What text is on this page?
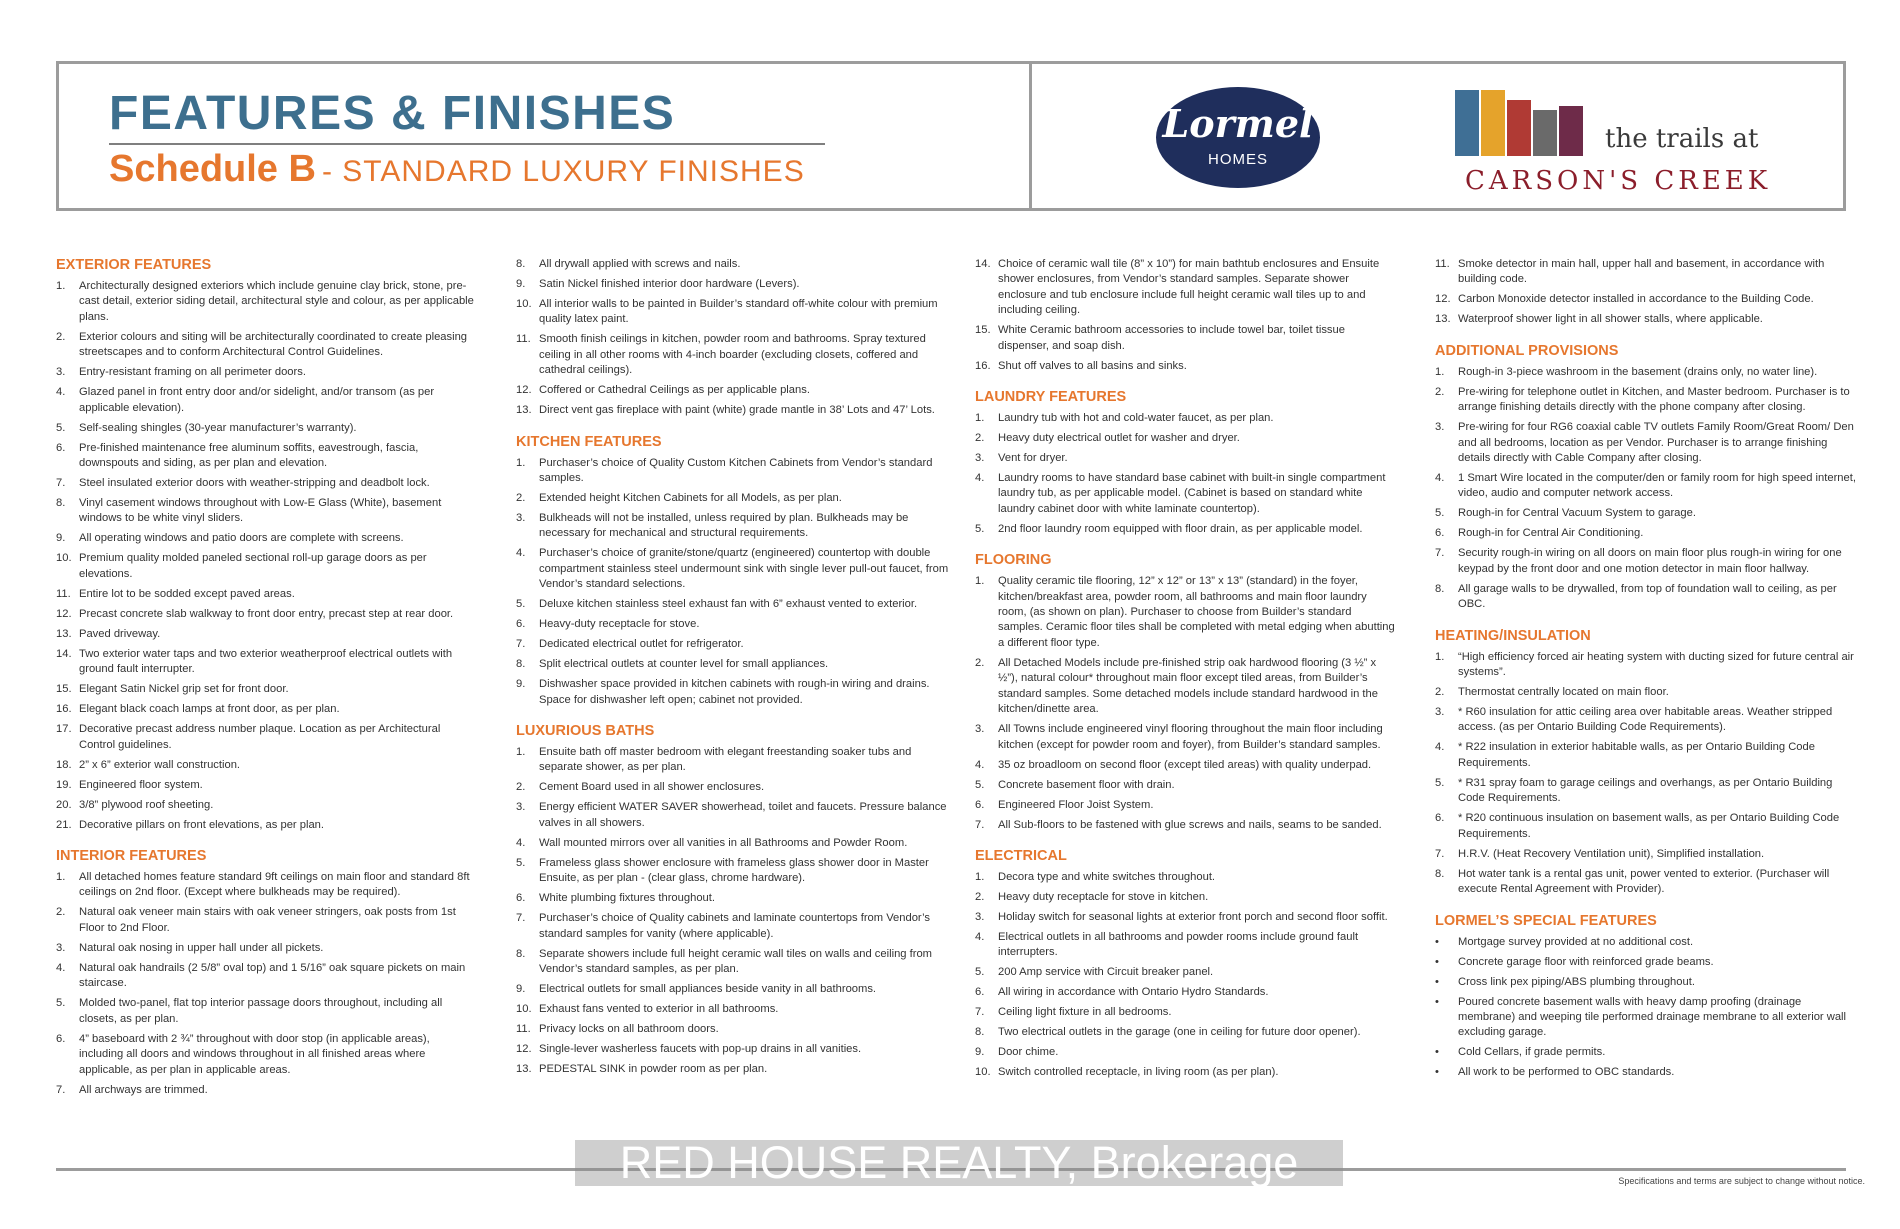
FEATURES & FINISHES
Schedule B - STANDARD LUXURY FINISHES
Lormel
HOMES
the trails at
CARSON'S CREEK
EXTERIOR FEATURES
1. Architecturally designed exteriors which include genuine clay brick, stone, pre-cast detail, exterior siding detail, architectural style and colour, as per applicable plans.
2. Exterior colours and siting will be architecturally coordinated to create pleasing streetscapes and to conform Architectural Control Guidelines.
3. Entry-resistant framing on all perimeter doors.
4. Glazed panel in front entry door and/or sidelight, and/or transom (as per applicable elevation).
5. Self-sealing shingles (30-year manufacturer’s warranty).
6. Pre-finished maintenance free aluminum soffits, eavestrough, fascia, downspouts and siding, as per plan and elevation.
7. Steel insulated exterior doors with weather-stripping and deadbolt lock.
8. Vinyl casement windows throughout with Low-E Glass (White), basement windows to be white vinyl sliders.
9. All operating windows and patio doors are complete with screens.
10. Premium quality molded paneled sectional roll-up garage doors as per elevations.
11. Entire lot to be sodded except paved areas.
12. Precast concrete slab walkway to front door entry, precast step at rear door.
13. Paved driveway.
14. Two exterior water taps and two exterior weatherproof electrical outlets with ground fault interrupter.
15. Elegant Satin Nickel grip set for front door.
16. Elegant black coach lamps at front door, as per plan.
17. Decorative precast address number plaque. Location as per Architectural Control guidelines.
18. 2” x 6” exterior wall construction.
19. Engineered floor system.
20. 3/8” plywood roof sheeting.
21. Decorative pillars on front elevations, as per plan.
INTERIOR FEATURES
1. All detached homes feature standard 9ft ceilings on main floor and standard 8ft ceilings on 2nd floor. (Except where bulkheads may be required).
2. Natural oak veneer main stairs with oak veneer stringers, oak posts from 1st Floor to 2nd Floor.
3. Natural oak nosing in upper hall under all pickets.
4. Natural oak handrails (2 5/8” oval top) and 1 5/16” oak square pickets on main staircase.
5. Molded two-panel, flat top interior passage doors throughout, including all closets, as per plan.
6. 4” baseboard with 2 ¾” throughout with door stop (in applicable areas), including all doors and windows throughout in all finished areas where applicable, as per plan in applicable areas.
7. All archways are trimmed.
8. All drywall applied with screws and nails.
9. Satin Nickel finished interior door hardware (Levers).
10. All interior walls to be painted in Builder’s standard off-white colour with premium quality latex paint.
11. Smooth finish ceilings in kitchen, powder room and bathrooms. Spray textured ceiling in all other rooms with 4-inch boarder (excluding closets, coffered and cathedral ceilings).
12. Coffered or Cathedral Ceilings as per applicable plans.
13. Direct vent gas fireplace with paint (white) grade mantle in 38’ Lots and 47’ Lots.
KITCHEN FEATURES
1. Purchaser’s choice of Quality Custom Kitchen Cabinets from Vendor’s standard samples.
2. Extended height Kitchen Cabinets for all Models, as per plan.
3. Bulkheads will not be installed, unless required by plan. Bulkheads may be necessary for mechanical and structural requirements.
4. Purchaser’s choice of granite/stone/quartz (engineered) countertop with double compartment stainless steel undermount sink with single lever pull-out faucet, from Vendor’s standard selections.
5. Deluxe kitchen stainless steel exhaust fan with 6” exhaust vented to exterior.
6. Heavy-duty receptacle for stove.
7. Dedicated electrical outlet for refrigerator.
8. Split electrical outlets at counter level for small appliances.
9. Dishwasher space provided in kitchen cabinets with rough-in wiring and drains. Space for dishwasher left open; cabinet not provided.
LUXURIOUS BATHS
1. Ensuite bath off master bedroom with elegant freestanding soaker tubs and separate shower, as per plan.
2. Cement Board used in all shower enclosures.
3. Energy efficient WATER SAVER showerhead, toilet and faucets. Pressure balance valves in all showers.
4. Wall mounted mirrors over all vanities in all Bathrooms and Powder Room.
5. Frameless glass shower enclosure with frameless glass shower door in Master Ensuite, as per plan - (clear glass, chrome hardware).
6. White plumbing fixtures throughout.
7. Purchaser’s choice of Quality cabinets and laminate countertops from Vendor’s standard samples for vanity (where applicable).
8. Separate showers include full height ceramic wall tiles on walls and ceiling from Vendor’s standard samples, as per plan.
9. Electrical outlets for small appliances beside vanity in all bathrooms.
10. Exhaust fans vented to exterior in all bathrooms.
11. Privacy locks on all bathroom doors.
12. Single-lever washerless faucets with pop-up drains in all vanities.
13. PEDESTAL SINK in powder room as per plan.
14. Choice of ceramic wall tile (8” x 10”) for main bathtub enclosures and Ensuite shower enclosures, from Vendor’s standard samples. Separate shower enclosure and tub enclosure include full height ceramic wall tiles up to and including ceiling.
15. White Ceramic bathroom accessories to include towel bar, toilet tissue dispenser, and soap dish.
16. Shut off valves to all basins and sinks.
LAUNDRY FEATURES
1. Laundry tub with hot and cold-water faucet, as per plan.
2. Heavy duty electrical outlet for washer and dryer.
3. Vent for dryer.
4. Laundry rooms to have standard base cabinet with built-in single compartment laundry tub, as per applicable model. (Cabinet is based on standard white laundry cabinet door with white laminate countertop).
5. 2nd floor laundry room equipped with floor drain, as per applicable model.
FLOORING
1. Quality ceramic tile flooring, 12” x 12” or 13” x 13” (standard) in the foyer, kitchen/breakfast area, powder room, all bathrooms and main floor laundry room, (as shown on plan). Purchaser to choose from Builder’s standard samples. Ceramic floor tiles shall be completed with metal edging when abutting a different floor type.
2. All Detached Models include pre-finished strip oak hardwood flooring (3 ½” x ½”), natural colour* throughout main floor except tiled areas, from Builder’s standard samples. Some detached models include standard hardwood in the kitchen/dinette area.
3. All Towns include engineered vinyl flooring throughout the main floor including kitchen (except for powder room and foyer), from Builder’s standard samples.
4. 35 oz broadloom on second floor (except tiled areas) with quality underpad.
5. Concrete basement floor with drain.
6. Engineered Floor Joist System.
7. All Sub-floors to be fastened with glue screws and nails, seams to be sanded.
ELECTRICAL
1. Decora type and white switches throughout.
2. Heavy duty receptacle for stove in kitchen.
3. Holiday switch for seasonal lights at exterior front porch and second floor soffit.
4. Electrical outlets in all bathrooms and powder rooms include ground fault interrupters.
5. 200 Amp service with Circuit breaker panel.
6. All wiring in accordance with Ontario Hydro Standards.
7. Ceiling light fixture in all bedrooms.
8. Two electrical outlets in the garage (one in ceiling for future door opener).
9. Door chime.
10. Switch controlled receptacle, in living room (as per plan).
11. Smoke detector in main hall, upper hall and basement, in accordance with building code.
12. Carbon Monoxide detector installed in accordance to the Building Code.
13. Waterproof shower light in all shower stalls, where applicable.
ADDITIONAL PROVISIONS
1. Rough-in 3-piece washroom in the basement (drains only, no water line).
2. Pre-wiring for telephone outlet in Kitchen, and Master bedroom. Purchaser is to arrange finishing details directly with the phone company after closing.
3. Pre-wiring for four RG6 coaxial cable TV outlets Family Room/Great Room/ Den and all bedrooms, location as per Vendor. Purchaser is to arrange finishing details directly with Cable Company after closing.
4. 1 Smart Wire located in the computer/den or family room for high speed internet, video, audio and computer network access.
5. Rough-in for Central Vacuum System to garage.
6. Rough-in for Central Air Conditioning.
7. Security rough-in wiring on all doors on main floor plus rough-in wiring for one keypad by the front door and one motion detector in main floor hallway.
8. All garage walls to be drywalled, from top of foundation wall to ceiling, as per OBC.
HEATING/INSULATION
1. “High efficiency forced air heating system with ducting sized for future central air systems”.
2. Thermostat centrally located on main floor.
3. * R60 insulation for attic ceiling area over habitable areas. Weather stripped access. (as per Ontario Building Code Requirements).
4. * R22 insulation in exterior habitable walls, as per Ontario Building Code Requirements.
5. * R31 spray foam to garage ceilings and overhangs, as per Ontario Building Code Requirements.
6. * R20 continuous insulation on basement walls, as per Ontario Building Code Requirements.
7. H.R.V. (Heat Recovery Ventilation unit), Simplified installation.
8. Hot water tank is a rental gas unit, power vented to exterior. (Purchaser will execute Rental Agreement with Provider).
LORMEL’S SPECIAL FEATURES
• Mortgage survey provided at no additional cost.
• Concrete garage floor with reinforced grade beams.
• Cross link pex piping/ABS plumbing throughout.
• Poured concrete basement walls with heavy damp proofing (drainage membrane) and weeping tile performed drainage membrane to all exterior wall excluding garage.
• Cold Cellars, if grade permits.
• All work to be performed to OBC standards.
RED HOUSE REALTY, Brokerage	Specifications and terms are subject to change without notice.
